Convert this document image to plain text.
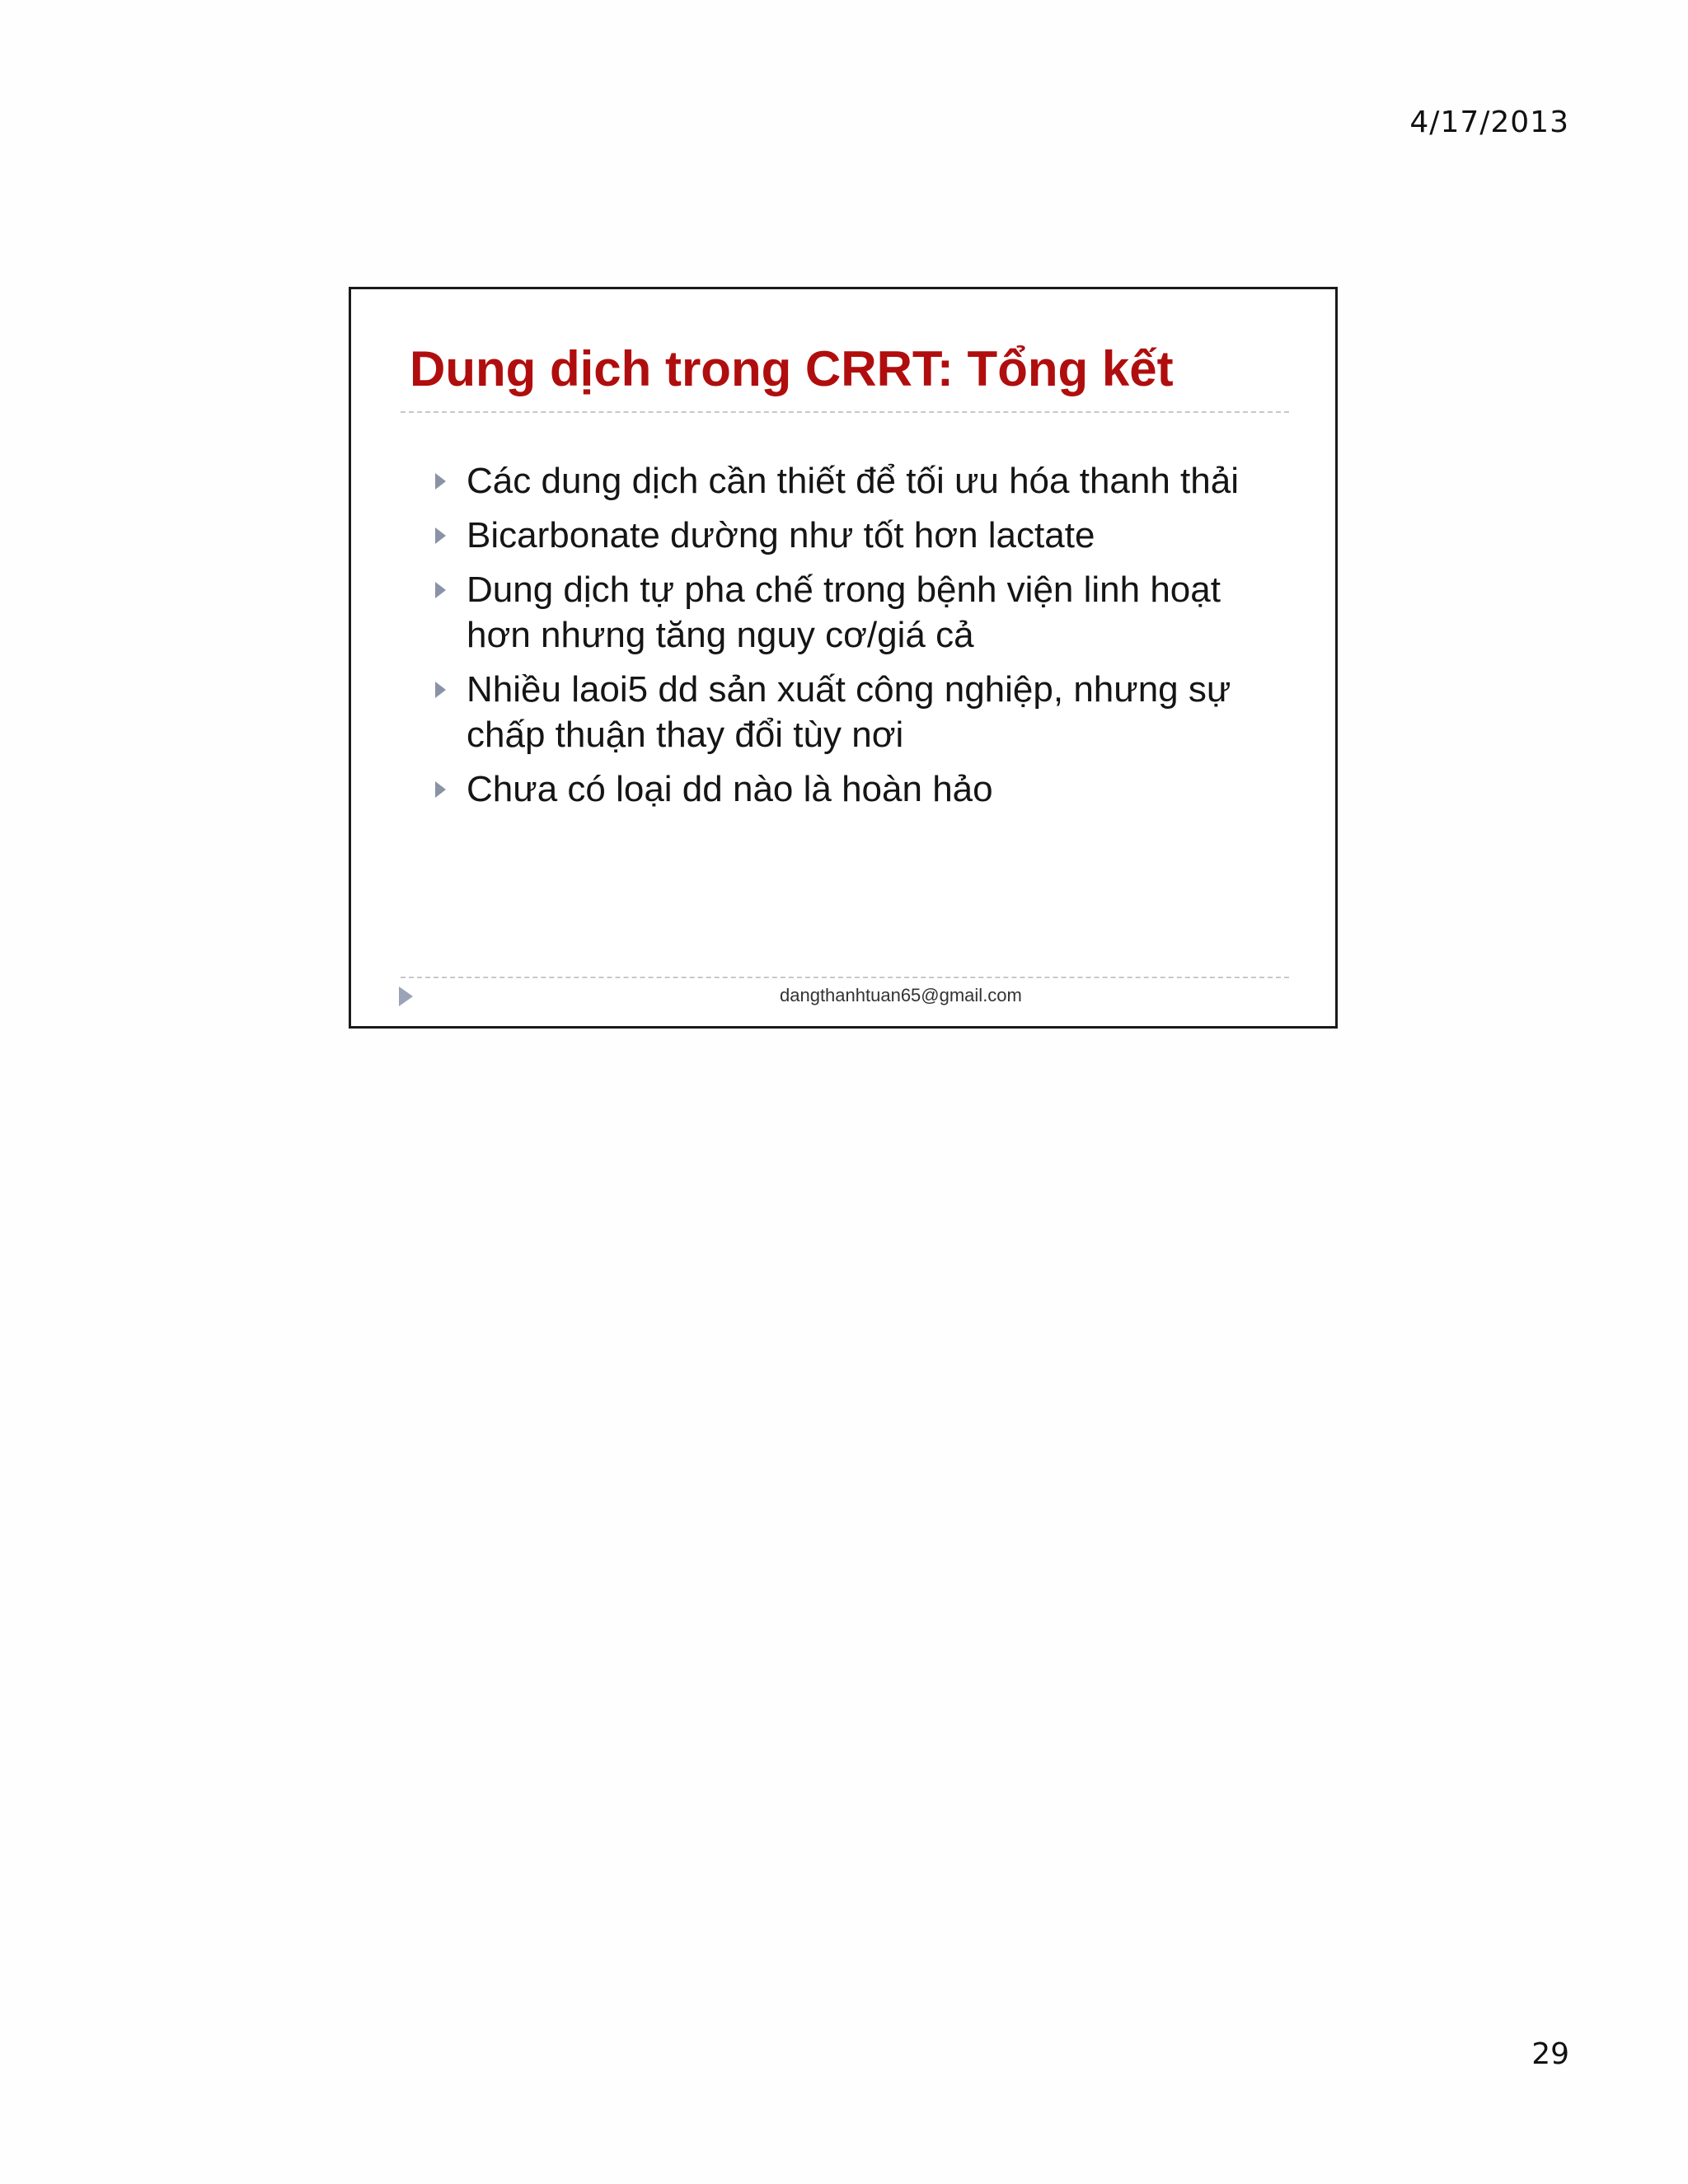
4/17/2013
Dung dịch trong CRRT: Tổng kết
Các dung dịch cần thiết để tối ưu hóa thanh thải
Bicarbonate dường như tốt hơn lactate
Dung dịch tự pha chế trong bệnh viện linh hoạt hơn nhưng tăng nguy cơ/giá cả
Nhiều laoi5 dd sản xuất công nghiệp, nhưng sự chấp thuận thay đổi tùy nơi
Chưa có loại dd nào là hoàn hảo
dangthanhtuan65@gmail.com
29
